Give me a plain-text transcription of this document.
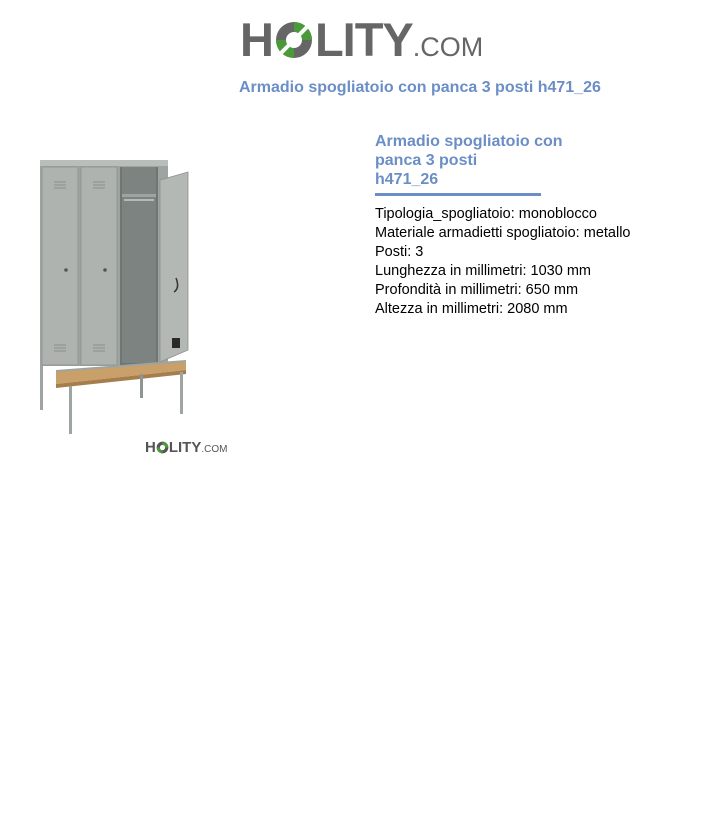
H LITY.COM
Armadio spogliatoio con panca 3 posti h471_26
H LITY.COM
Armadio spogliatoio con
panca 3 posti
h471_26
Tipologia_spogliatoio: monoblocco
Materiale armadietti spogliatoio: metallo
Posti: 3
Lunghezza in millimetri: 1030 mm
Profondità in millimetri: 650 mm
Altezza in millimetri: 2080 mm
